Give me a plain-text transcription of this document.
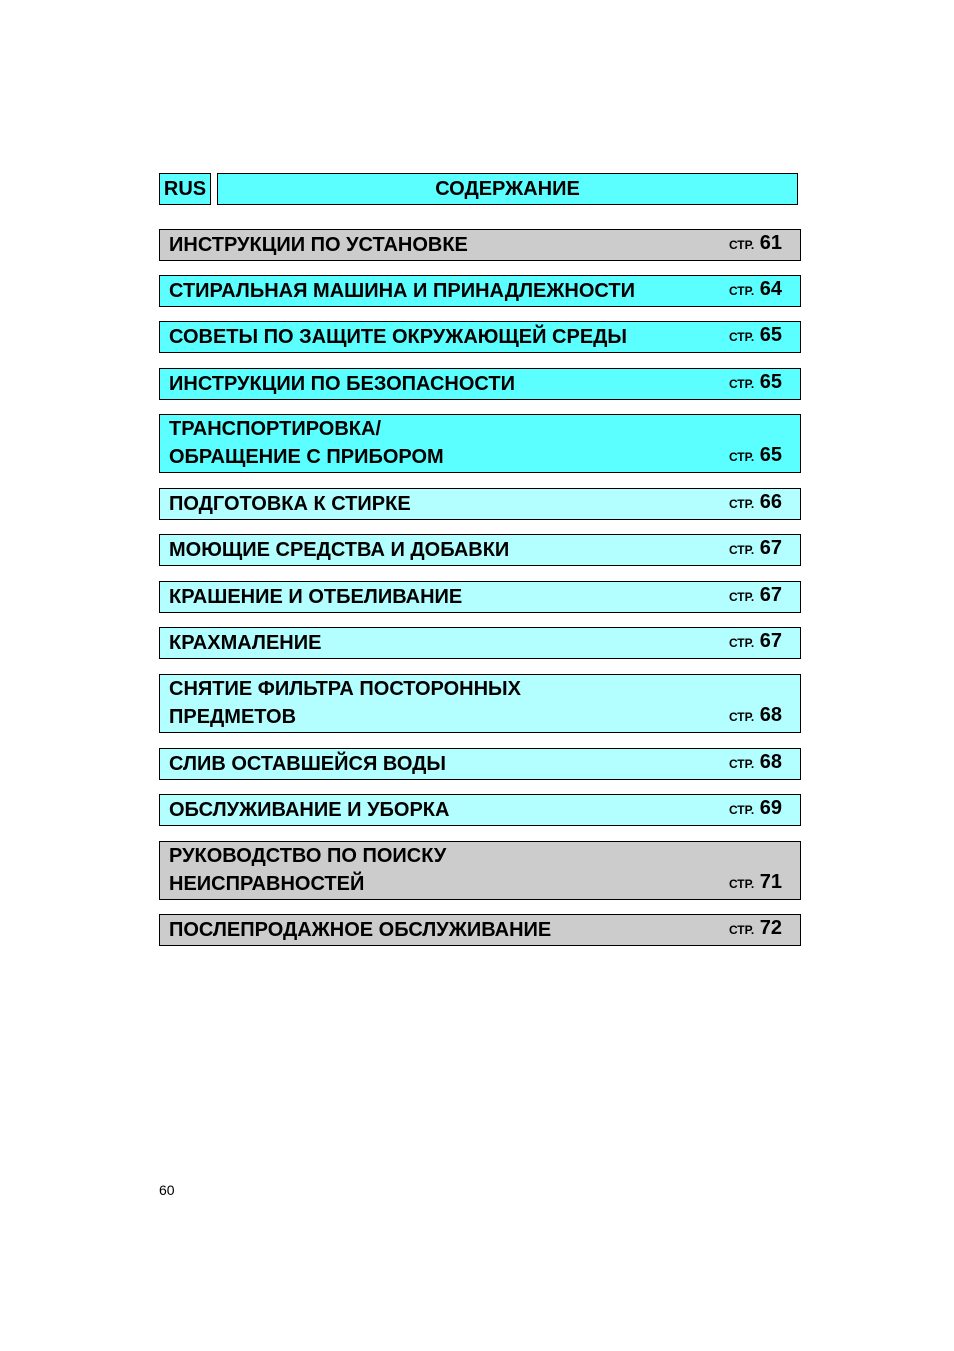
RUS	СОДЕРЖАНИЕ
ИНСТРУКЦИИ ПО УСТАНОВКЕ	СТР. 61
СТИРАЛЬНАЯ МАШИНА И ПРИНАДЛЕЖНОСТИ	СТР. 64
СОВЕТЫ ПО ЗАЩИТЕ ОКРУЖАЮЩЕЙ СРЕДЫ	СТР. 65
ИНСТРУКЦИИ ПО БЕЗОПАСНОСТИ	СТР. 65
ТРАНСПОРТИРОВКА/
ОБРАЩЕНИЕ С ПРИБОРОМ	СТР. 65
ПОДГОТОВКА К СТИРКЕ	СТР. 66
МОЮЩИЕ СРЕДСТВА И ДОБАВКИ	СТР. 67
КРАШЕНИЕ И ОТБЕЛИВАНИЕ	СТР. 67
КРАХМАЛЕНИЕ	СТР. 67
СНЯТИЕ ФИЛЬТРА ПОСТОРОННЫХ
ПРЕДМЕТОВ	СТР. 68
СЛИВ ОСТАВШЕЙСЯ ВОДЫ	СТР. 68
ОБСЛУЖИВАНИЕ И УБОРКА	СТР. 69
РУКОВОДСТВО ПО ПОИСКУ
НЕИСПРАВНОСТЕЙ	СТР. 71
ПОСЛЕПРОДАЖНОЕ ОБСЛУЖИВАНИЕ	СТР. 72
60
